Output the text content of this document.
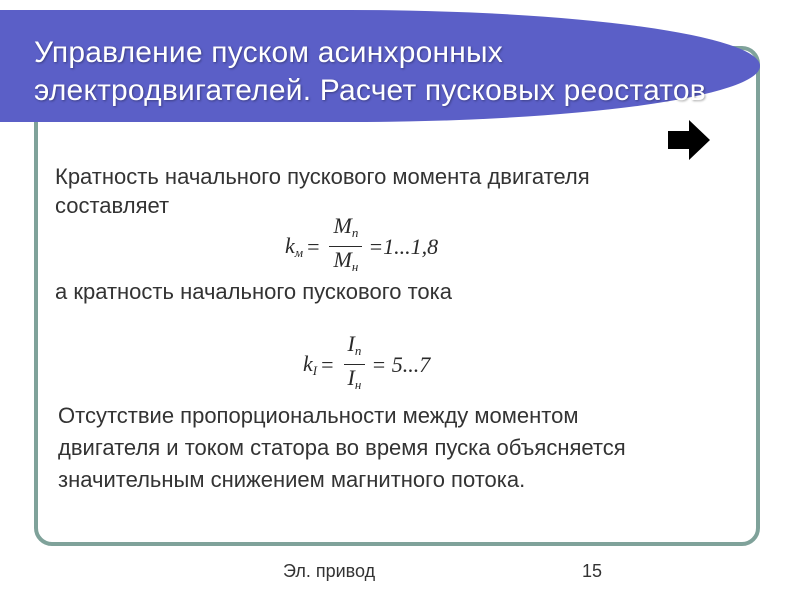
Управление пуском асинхронных
электродвигателей. Расчет пусковых реостатов

Кратность начального пускового момента двигателя
составляет

$k_м = \frac{M_п}{M_н} =1...1,8$

а кратность начального пускового тока

$k_I = \frac{I_п}{I_н} = 5...7$

Отсутствие пропорциональности между моментом
двигателя и током статора во время пуска объясняется
значительным снижением магнитного потока.

Эл. привод	15
